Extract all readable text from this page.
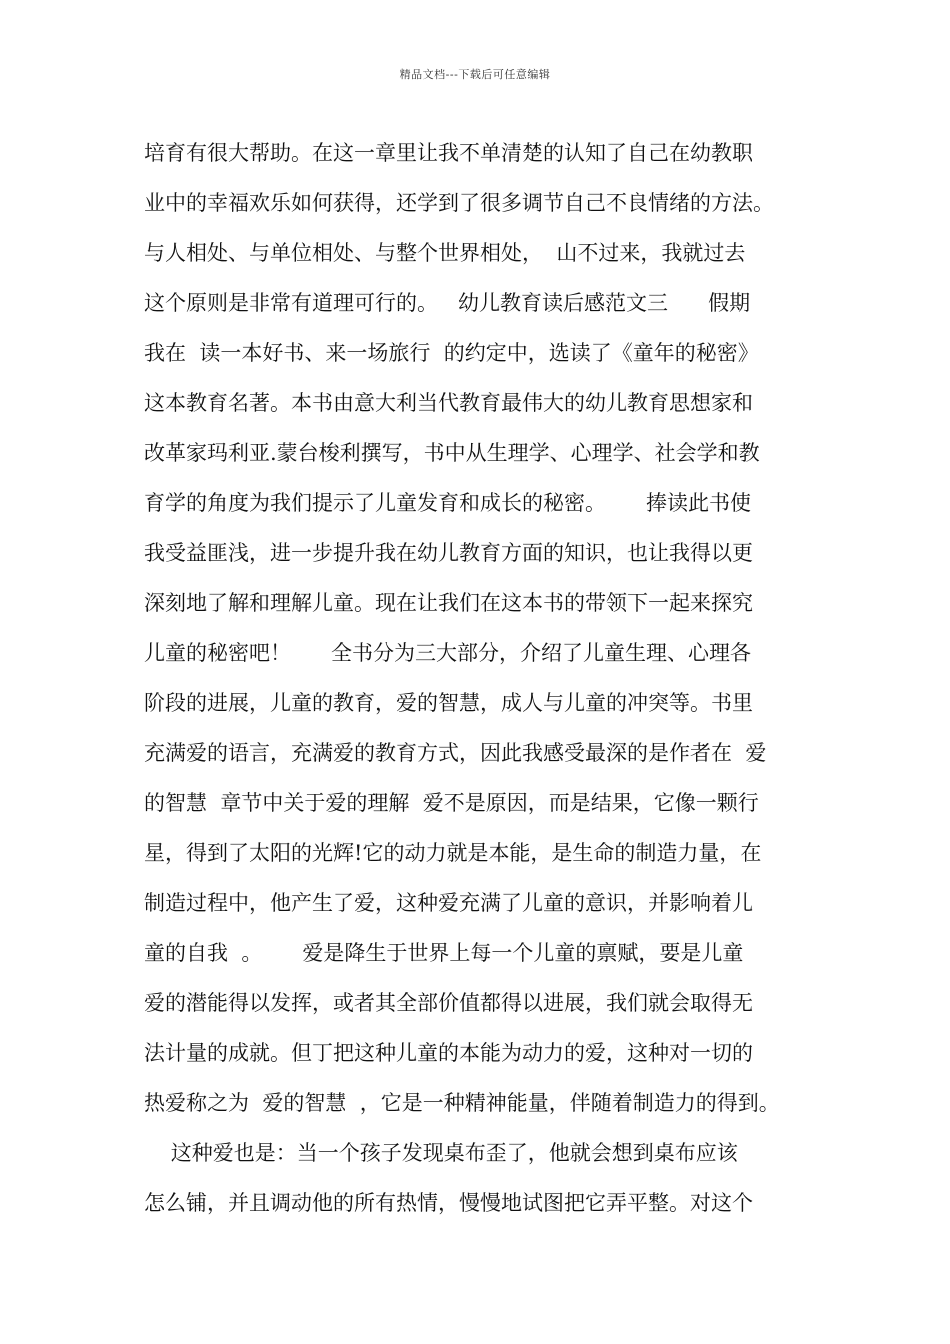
精品文档---下载后可任意编辑
培育有很大帮助。在这一章里让我不单清楚的认知了自己在幼教职
业中的幸福欢乐如何获得，还学到了很多调节自己不良情绪的方法。
与人相处、与单位相处、与整个世界相处，  山不过来，我就过去
这个原则是非常有道理可行的。   幼儿教育读后感范文三      假期
我在  读一本好书、来一场旅行  的约定中，选读了《童年的秘密》
这本教育名著。本书由意大利当代教育最伟大的幼儿教育思想家和
改革家玛利亚.蒙台梭利撰写，书中从生理学、心理学、社会学和教
育学的角度为我们提示了儿童发育和成长的秘密。      捧读此书使
我受益匪浅，进一步提升我在幼儿教育方面的知识，也让我得以更
深刻地了解和理解儿童。现在让我们在这本书的带领下一起来探究
儿童的秘密吧！      全书分为三大部分，介绍了儿童生理、心理各
阶段的进展，儿童的教育，爱的智慧，成人与儿童的冲突等。书里
充满爱的语言，充满爱的教育方式，因此我感受最深的是作者在  爱
的智慧  章节中关于爱的理解  爱不是原因，而是结果，它像一颗行
星，得到了太阳的光辉!它的动力就是本能，是生命的制造力量，在
制造过程中，他产生了爱，这种爱充满了儿童的意识，并影响着儿
童的自我  。      爱是降生于世界上每一个儿童的禀赋，要是儿童
爱的潜能得以发挥，或者其全部价值都得以进展，我们就会取得无
法计量的成就。但丁把这种儿童的本能为动力的爱，这种对一切的
热爱称之为  爱的智慧  ，它是一种精神能量，伴随着制造力的得到。
这种爱也是：当一个孩子发现桌布歪了，他就会想到桌布应该
怎么铺，并且调动他的所有热情，慢慢地试图把它弄平整。对这个
